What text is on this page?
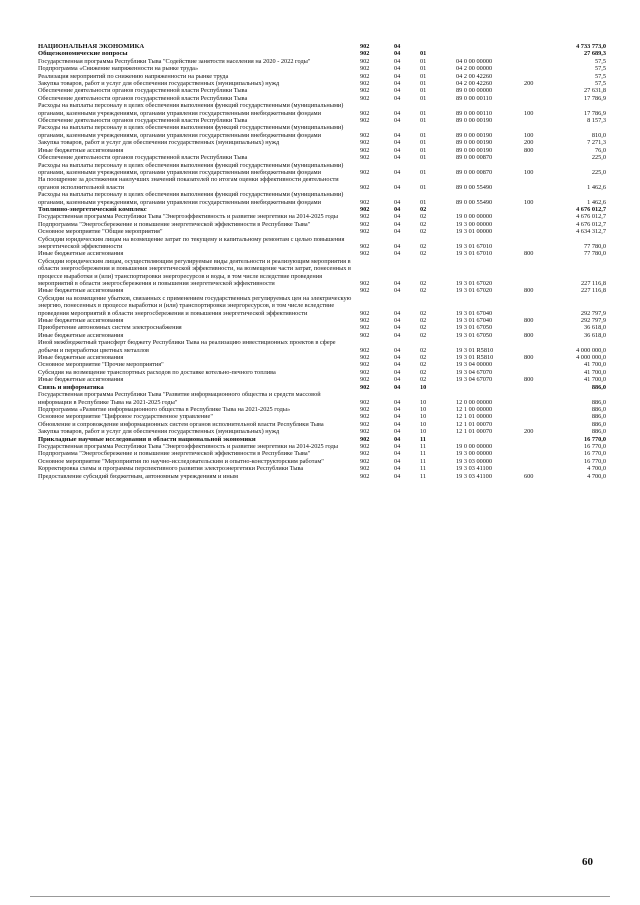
НАЦИОНАЛЬНАЯ ЭКОНОМИКА	902	04				4 733 773,0
Общеэкономические вопросы	902	04	01			27 689,3
Государственная программа Республики Тыва "Содействие занятости населения на 2020 - 2022 годы"	902	04	01	04 0 00 00000		57,5
Подпрограмма «Снижение напряженности на рынке труда»	902	04	01	04 2 00 00000		57,5
Реализация мероприятий по снижению напряженности на рынке труда	902	04	01	04 2 00 42260		57,5
Закупка товаров, работ и услуг для обеспечения государственных (муниципальных) нужд	902	04	01	04 2 00 42260	200	57,5
Обеспечение деятельности органов государственной власти Республики Тыва	902	04	01	89 0 00 00000		27 631,8
Обеспечение деятельности органов государственной власти Республики Тыва	902	04	01	89 0 00 00110		17 786,9
Расходы на выплаты персоналу в целях обеспечения выполнения функций государственными (муниципальными) органами, казенными учреждениями, органами управления государственными внебюджетными фондами	902	04	01	89 0 00 00110	100	17 786,9
Обеспечение деятельности органов государственной власти Республики Тыва	902	04	01	89 0 00 00190		8 157,3
Расходы на выплаты персоналу в целях обеспечения выполнения функций государственными (муниципальными) органами, казенными учреждениями, органами управления государственными внебюджетными фондами	902	04	01	89 0 00 00190	100	810,0
Закупка товаров, работ и услуг для обеспечения государственных (муниципальных) нужд	902	04	01	89 0 00 00190	200	7 271,3
Иные бюджетные ассигнования	902	04	01	89 0 00 00190	800	76,0
Обеспечение деятельности органов государственной власти Республики Тыва	902	04	01	89 0 00 00870		225,0
Расходы на выплаты персоналу в целях обеспечения выполнения функций государственными (муниципальными) органами, казенными учреждениями, органами управления государственными внебюджетными фондами	902	04	01	89 0 00 00870	100	225,0
На поощрение за достижения наилучших значений показателей по итогам оценки эффективности деятельности органов исполнительной власти	902	04	01	89 0 00 55490		1 462,6
Расходы на выплаты персоналу в целях обеспечения выполнения функций государственными (муниципальными) органами, казенными учреждениями, органами управления государственными внебюджетными фондами	902	04	01	89 0 00 55490	100	1 462,6
Топливно-энергетический комплекс	902	04	02			4 676 012,7
Государственная программа Республики Тыва "Энергоэффективность и развитие энергетики на 2014-2025 годы	902	04	02	19 0 00 00000		4 676 012,7
Подпрограмма "Энергосбережение и повышение энергетической эффективности в Республике Тыва"	902	04	02	19 3 00 00000		4 676 012,7
Основное мероприятие "Общие мероприятия"	902	04	02	19 3 01 00000		4 634 312,7
Субсидии юридическим лицам на возмещение затрат по текущему и капитальному ремонтам с целью повышения энергетической эффективности	902	04	02	19 3 01 67010		77 780,0
Иные бюджетные ассигнования	902	04	02	19 3 01 67010	800	77 780,0
Субсидии юридическим лицам, осуществляющим регулируемые виды деятельности и реализующим мероприятия в области энергосбережения и повышения энергетической эффективности, на возмещение части затрат, понесенных в процессе выработки и (или) транспортировки энергоресурсов и воды, в том числе вследствие проведения мероприятий в области энергосбережения и повышения энергетической эффективности	902	04	02	19 3 01 67020		227 116,8
Иные бюджетные ассигнования	902	04	02	19 3 01 67020	800	227 116,8
Субсидии на возмещение убытков, связанных с применением государственных регулируемых цен на электрическую энергию, понесенных в процессе выработки и (или) транспортировки энергоресурсов, в том числе вследствие проведения мероприятий в области энергосбережения и повышения энергетической эффективности	902	04	02	19 3 01 67040		292 797,9
Иные бюджетные ассигнования	902	04	02	19 3 01 67040	800	292 797,9
Приобретение автономных систем электроснабжения	902	04	02	19 3 01 67050		36 618,0
Иные бюджетные ассигнования	902	04	02	19 3 01 67050	800	36 618,0
Иной межбюджетный трансферт бюджету Республики Тыва на реализацию инвестиционных проектов в сфере добычи и переработки цветных металлов	902	04	02	19 3 01 R5810		4 000 000,0
Иные бюджетные ассигнования	902	04	02	19 3 01 R5810	800	4 000 000,0
Основное мероприятие "Прочие мероприятия"	902	04	02	19 3 04 00000		41 700,0
Субсидия на возмещение транспортных расходов по доставке котельно-печного топлива	902	04	02	19 3 04 67070		41 700,0
Иные бюджетные ассигнования	902	04	02	19 3 04 67070	800	41 700,0
Связь и информатика	902	04	10			886,0
Государственная программа Республики Тыва "Развитие информационного общества и средств массовой информации в Республике Тыва на 2021-2025 годы"	902	04	10	12 0 00 00000		886,0
Подпрограмма «Развитие информационного общества в Республике Тыва на 2021-2025 годы»	902	04	10	12 1 00 00000		886,0
Основное мероприятие "Цифровое государственное управление"	902	04	10	12 1 01 00000		886,0
Обновление и сопровождение информационных систем органов исполнительной власти Республики Тыва	902	04	10	12 1 01 00070		886,0
Закупка товаров, работ и услуг для обеспечения государственных (муниципальных) нужд	902	04	10	12 1 01 00070	200	886,0
Прикладные научные исследования в области национальной экономики	902	04	11			16 770,0
Государственная программа Республики Тыва "Энергоэффективность и развитие энергетики на 2014-2025 годы	902	04	11	19 0 00 00000		16 770,0
Подпрограмма "Энергосбережение и повышение энергетической эффективности в Республике Тыва"	902	04	11	19 3 00 00000		16 770,0
Основное мероприятие "Мероприятия по научно-исследовательским и опытно-конструкторским работам"	902	04	11	19 3 03 00000		16 770,0
Корректировка схемы и программы перспективного развития электроэнергетики Республики Тыва	902	04	11	19 3 03 41100		4 700,0
Предоставление субсидий бюджетным, автономным учреждениям и иным	902	04	11	19 3 03 41100	600	4 700,0
60
